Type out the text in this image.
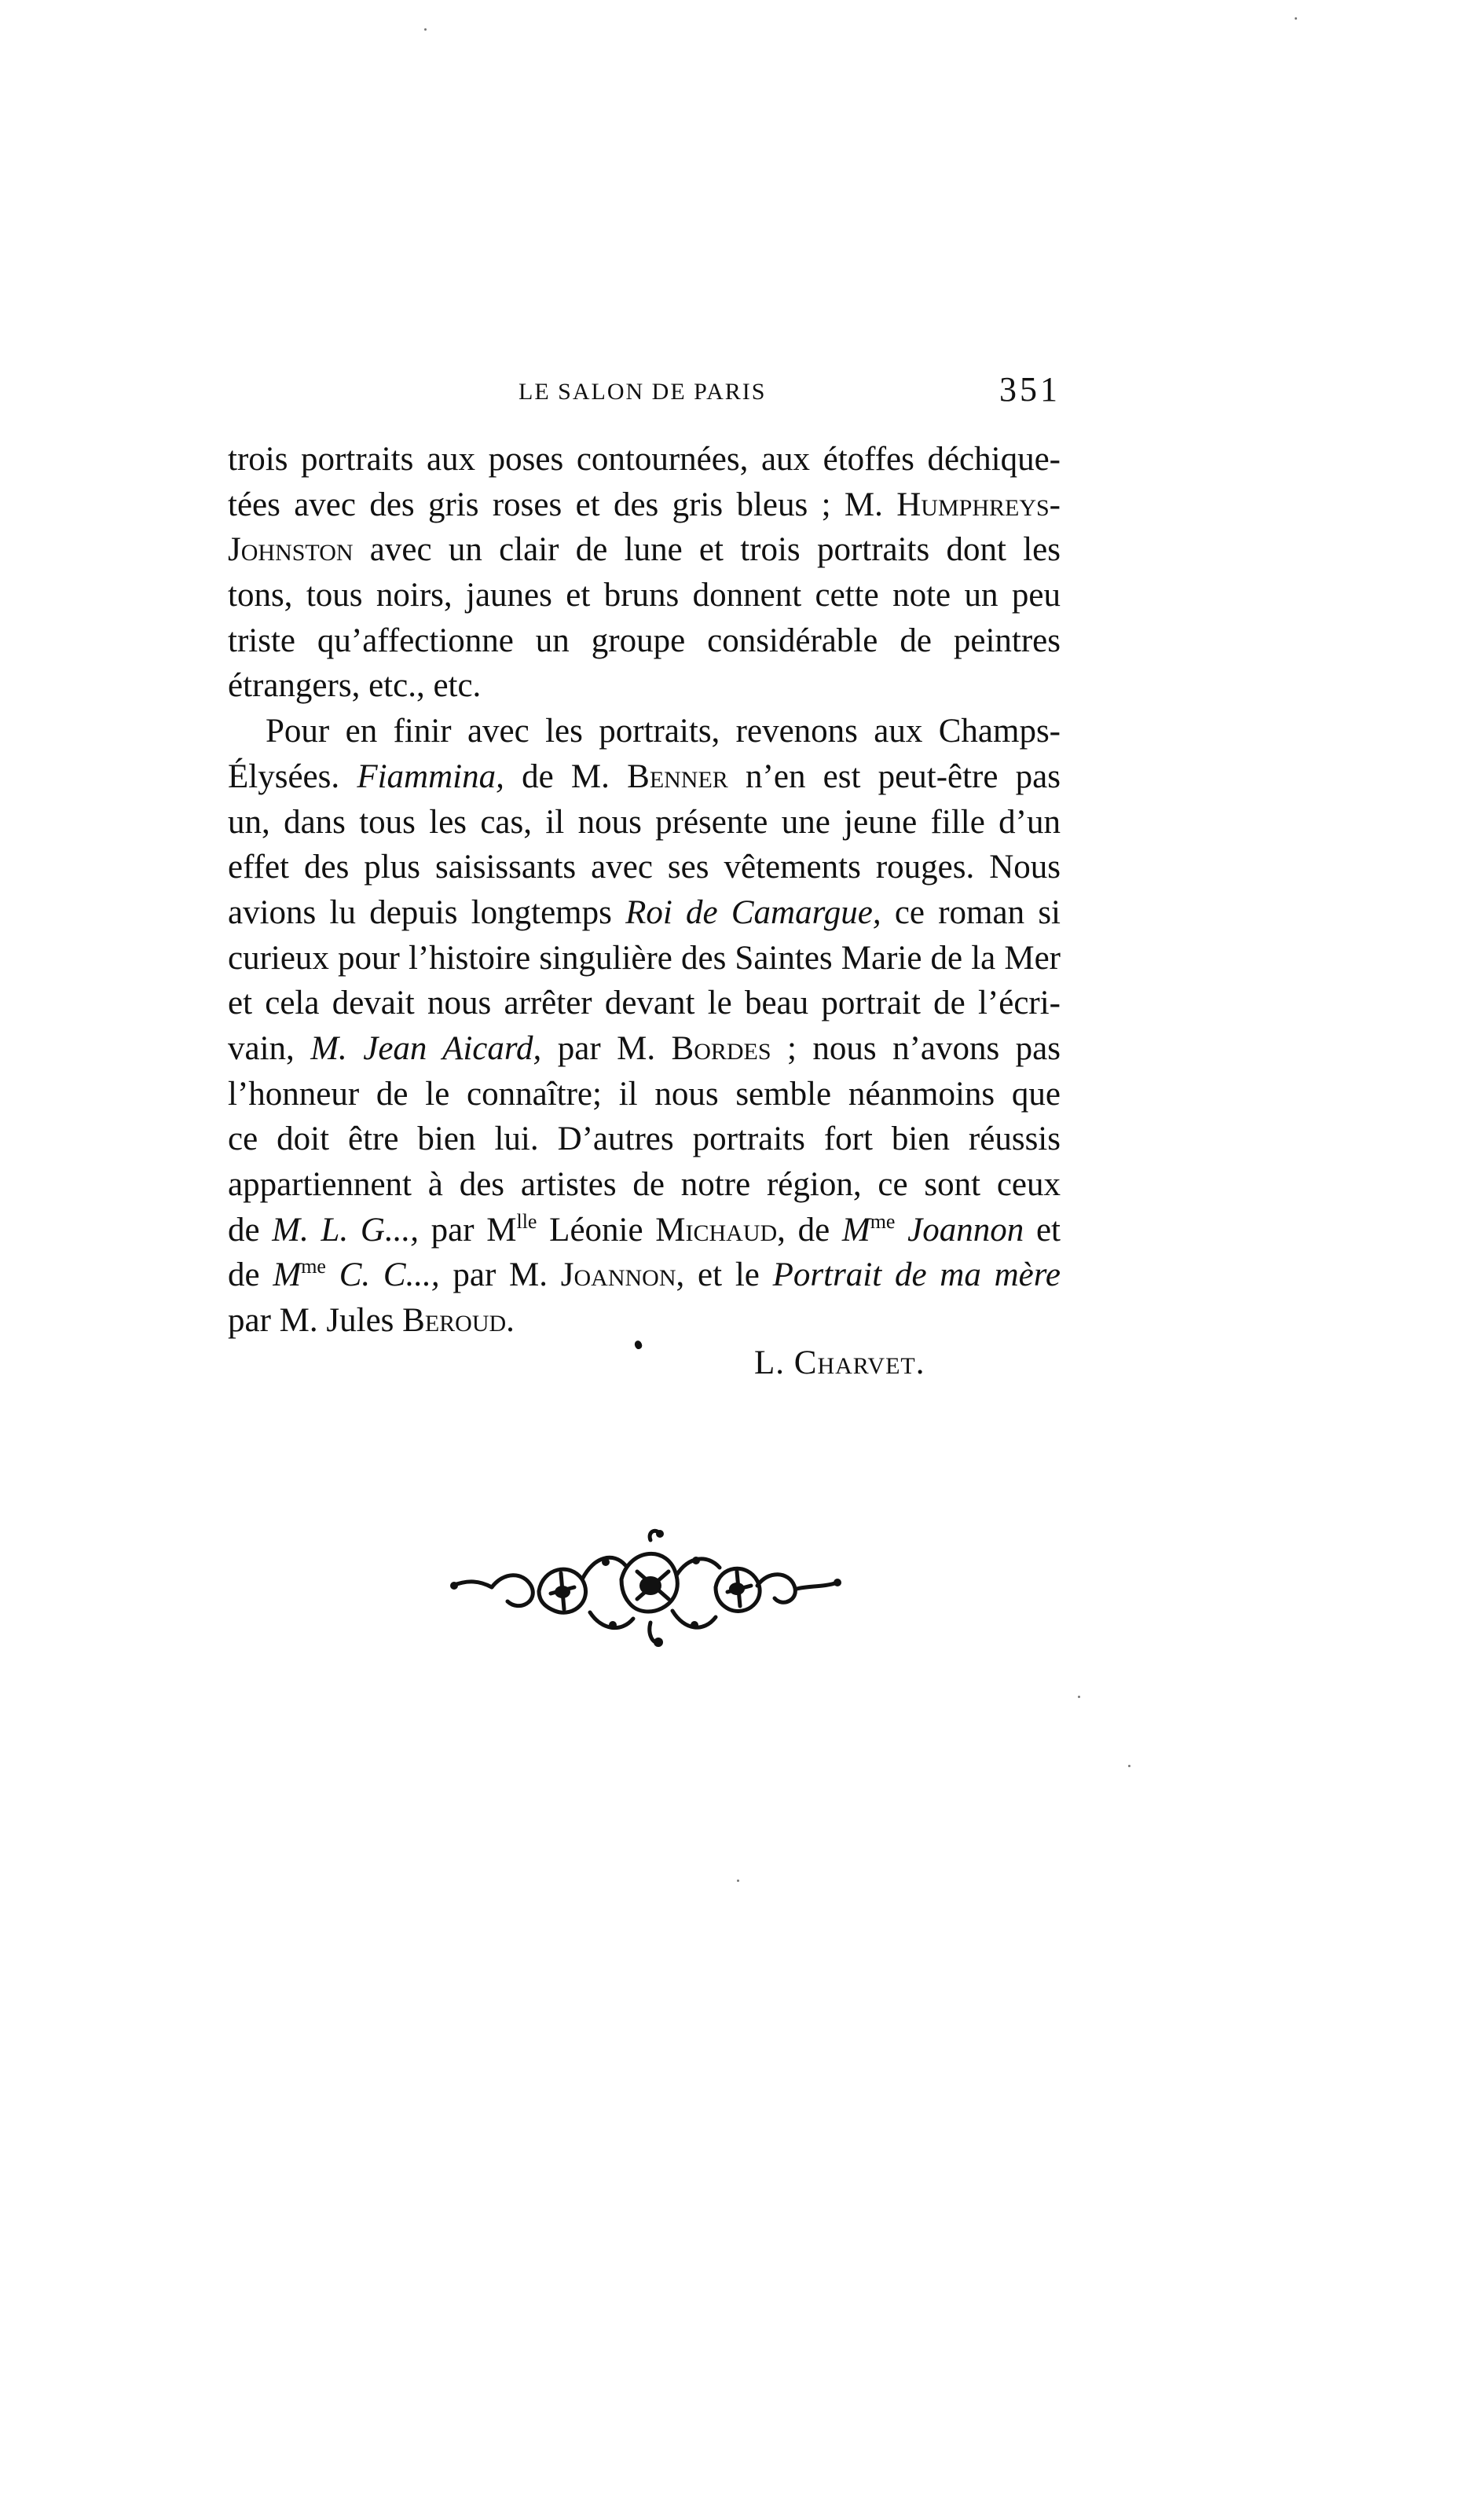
LE SALON DE PARIS	351
trois portraits aux poses contournées, aux étoffes déchique-
tées avec des gris roses et des gris bleus ; M. Humphreys-
Johnston avec un clair de lune et trois portraits dont les
tons, tous noirs, jaunes et bruns donnent cette note un peu
triste qu’affectionne un groupe considérable de peintres
étrangers, etc., etc.
Pour en finir avec les portraits, revenons aux Champs-
Élysées. Fiammina, de M. Benner n’en est peut-être pas
un, dans tous les cas, il nous présente une jeune fille d’un
effet des plus saisissants avec ses vêtements rouges. Nous
avions lu depuis longtemps Roi de Camargue, ce roman si
curieux pour l’histoire singulière des Saintes Marie de la Mer
et cela devait nous arrêter devant le beau portrait de l’écri-
vain, M. Jean Aicard, par M. Bordes ; nous n’avons pas
l’honneur de le connaître; il nous semble néanmoins que
ce doit être bien lui. D’autres portraits fort bien réussis
appartiennent à des artistes de notre région, ce sont ceux
de M. L. G..., par $M^{lle}$ Léonie Michaud, de $M^{me}$ Joannon et
de $M^{me}$ C. C..., par M. Joannon, et le Portrait de ma mère
par M. Jules Beroud.
L. Charvet.
